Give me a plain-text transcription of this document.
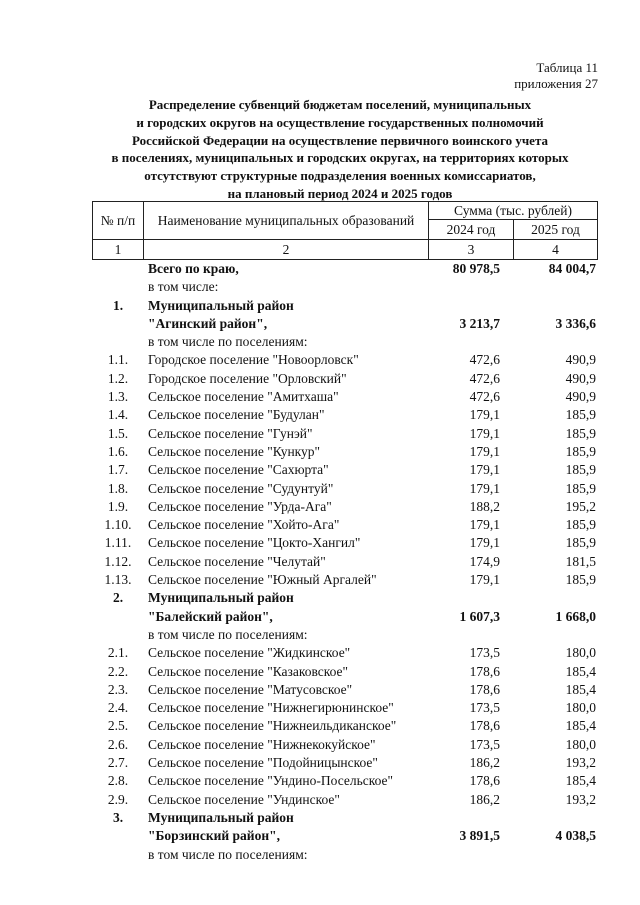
Таблица 11
приложения 27
Распределение субвенций бюджетам поселений, муниципальных
и городских округов на осуществление государственных полномочий
Российской Федерации на осуществление первичного воинского учета
в поселениях, муниципальных и городских округах, на территориях которых
отсутствуют структурные подразделения военных комиссариатов,
на плановый период 2024 и 2025 годов
№ п/п	Наименование муниципальных образований
Сумма (тыс. рублей)
2024 год	2025 год
1	2	3	4
Всего по краю,	80 978,5	84 004,7
в том числе:
1.	Муниципальный район
"Агинский район",	3 213,7	3 336,6
в том числе по поселениям:
1.1.	Городское поселение "Новоорловск"	472,6	490,9
1.2.	Городское поселение "Орловский"	472,6	490,9
1.3.	Сельское поселение "Амитхаша"	472,6	490,9
1.4.	Сельское поселение "Будулан"	179,1	185,9
1.5.	Сельское поселение "Гунэй"	179,1	185,9
1.6.	Сельское поселение "Кункур"	179,1	185,9
1.7.	Сельское поселение "Сахюрта"	179,1	185,9
1.8.	Сельское поселение "Судунтуй"	179,1	185,9
1.9.	Сельское поселение "Урда-Ага"	188,2	195,2
1.10.	Сельское поселение "Хойто-Ага"	179,1	185,9
1.11.	Сельское поселение "Цокто-Хангил"	179,1	185,9
1.12.	Сельское поселение "Челутай"	174,9	181,5
1.13.	Сельское поселение "Южный Аргалей"	179,1	185,9
2.	Муниципальный район
"Балейский район",	1 607,3	1 668,0
в том числе по поселениям:
2.1.	Сельское поселение "Жидкинское"	173,5	180,0
2.2.	Сельское поселение "Казаковское"	178,6	185,4
2.3.	Сельское поселение "Матусовское"	178,6	185,4
2.4.	Сельское поселение "Нижнегирюнинское"	173,5	180,0
2.5.	Сельское поселение "Нижнеильдиканское"	178,6	185,4
2.6.	Сельское поселение "Нижнекокуйское"	173,5	180,0
2.7.	Сельское поселение "Подойницынское"	186,2	193,2
2.8.	Сельское поселение "Ундино-Посельское"	178,6	185,4
2.9.	Сельское поселение "Ундинское"	186,2	193,2
3.	Муниципальный район
"Борзинский район",	3 891,5	4 038,5
в том числе по поселениям:
